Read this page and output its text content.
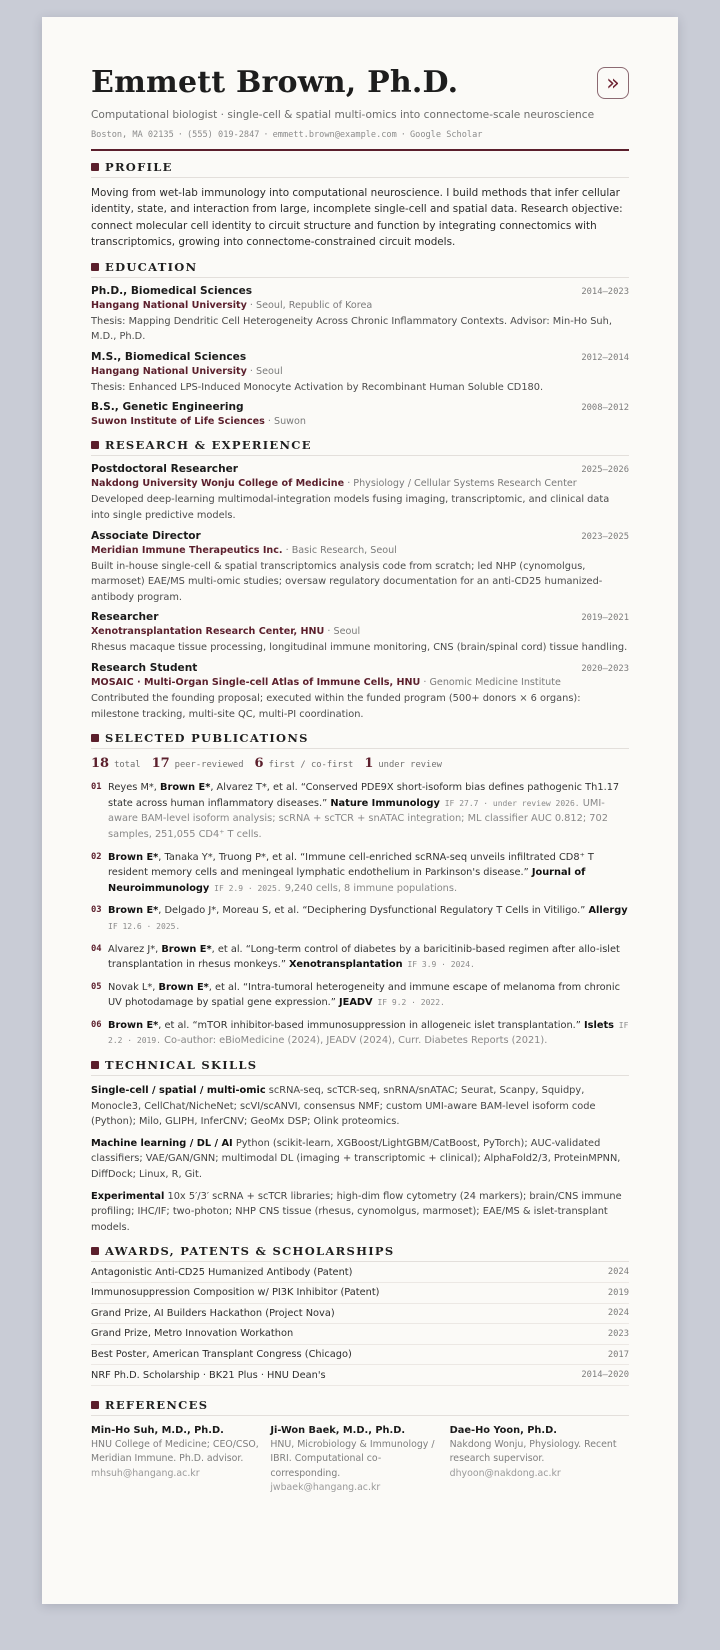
Emmett Brown, Ph.D.
Computational biologist · single-cell & spatial multi-omics into connectome-scale neuroscience
Boston, MA 02135 · (555) 019-2847 · emmett.brown@example.com · Google Scholar
»
PROFILE
Moving from wet-lab immunology into computational neuroscience. I build methods that infer cellular identity, state, and interaction from large, incomplete single-cell and spatial data. Research objective: connect molecular cell identity to circuit structure and function by integrating connectomics with transcriptomics, growing into connectome-constrained circuit models.
EDUCATION
Ph.D., Biomedical Sciences	2014–2023
Hangang National University · Seoul, Republic of Korea
Thesis: Mapping Dendritic Cell Heterogeneity Across Chronic Inflammatory Contexts. Advisor: Min-Ho Suh, M.D., Ph.D.
M.S., Biomedical Sciences	2012–2014
Hangang National University · Seoul
Thesis: Enhanced LPS-Induced Monocyte Activation by Recombinant Human Soluble CD180.
B.S., Genetic Engineering	2008–2012
Suwon Institute of Life Sciences · Suwon
RESEARCH & EXPERIENCE
Postdoctoral Researcher	2025–2026
Nakdong University Wonju College of Medicine · Physiology / Cellular Systems Research Center
Developed deep-learning multimodal-integration models fusing imaging, transcriptomic, and clinical data into single predictive models.
Associate Director	2023–2025
Meridian Immune Therapeutics Inc. · Basic Research, Seoul
Built in-house single-cell & spatial transcriptomics analysis code from scratch; led NHP (cynomolgus, marmoset) EAE/MS multi-omic studies; oversaw regulatory documentation for an anti-CD25 humanized-antibody program.
Researcher	2019–2021
Xenotransplantation Research Center, HNU · Seoul
Rhesus macaque tissue processing, longitudinal immune monitoring, CNS (brain/spinal cord) tissue handling.
Research Student	2020–2023
MOSAIC · Multi-Organ Single-cell Atlas of Immune Cells, HNU · Genomic Medicine Institute
Contributed the founding proposal; executed within the funded program (500+ donors × 6 organs): milestone tracking, multi-site QC, multi-PI coordination.
SELECTED PUBLICATIONS
18 total 17 peer-reviewed 6 first / co-first 1 under review
01 Reyes M*, Brown E*, Alvarez T*, et al. “Conserved PDE9X short-isoform bias defines pathogenic Th1.17 state across human inflammatory diseases.” Nature Immunology IF 27.7 · under review 2026. UMI-aware BAM-level isoform analysis; scRNA + scTCR + snATAC integration; ML classifier AUC 0.812; 702 samples, 251,055 CD4⁺ T cells.
02 Brown E*, Tanaka Y*, Truong P*, et al. “Immune cell-enriched scRNA-seq unveils infiltrated CD8⁺ T resident memory cells and meningeal lymphatic endothelium in Parkinson's disease.” Journal of Neuroimmunology IF 2.9 · 2025. 9,240 cells, 8 immune populations.
03 Brown E*, Delgado J*, Moreau S, et al. “Deciphering Dysfunctional Regulatory T Cells in Vitiligo.” Allergy IF 12.6 · 2025.
04 Alvarez J*, Brown E*, et al. “Long-term control of diabetes by a baricitinib-based regimen after allo-islet transplantation in rhesus monkeys.” Xenotransplantation IF 3.9 · 2024.
05 Novak L*, Brown E*, et al. “Intra-tumoral heterogeneity and immune escape of melanoma from chronic UV photodamage by spatial gene expression.” JEADV IF 9.2 · 2022.
06 Brown E*, et al. “mTOR inhibitor-based immunosuppression in allogeneic islet transplantation.” Islets IF 2.2 · 2019. Co-author: eBioMedicine (2024), JEADV (2024), Curr. Diabetes Reports (2021).
TECHNICAL SKILLS
Single-cell / spatial / multi-omic scRNA-seq, scTCR-seq, snRNA/snATAC; Seurat, Scanpy, Squidpy, Monocle3, CellChat/NicheNet; scVI/scANVI, consensus NMF; custom UMI-aware BAM-level isoform code (Python); Milo, GLIPH, InferCNV; GeoMx DSP; Olink proteomics.
Machine learning / DL / AI Python (scikit-learn, XGBoost/LightGBM/CatBoost, PyTorch); AUC-validated classifiers; VAE/GAN/GNN; multimodal DL (imaging + transcriptomic + clinical); AlphaFold2/3, ProteinMPNN, DiffDock; Linux, R, Git.
Experimental 10x 5′/3′ scRNA + scTCR libraries; high-dim flow cytometry (24 markers); brain/CNS immune profiling; IHC/IF; two-photon; NHP CNS tissue (rhesus, cynomolgus, marmoset); EAE/MS & islet-transplant models.
AWARDS, PATENTS & SCHOLARSHIPS
Antagonistic Anti-CD25 Humanized Antibody (Patent)	2024
Immunosuppression Composition w/ PI3K Inhibitor (Patent)	2019
Grand Prize, AI Builders Hackathon (Project Nova)	2024
Grand Prize, Metro Innovation Workathon	2023
Best Poster, American Transplant Congress (Chicago)	2017
NRF Ph.D. Scholarship · BK21 Plus · HNU Dean's	2014–2020
REFERENCES
Min-Ho Suh, M.D., Ph.D.
HNU College of Medicine; CEO/CSO, Meridian Immune. Ph.D. advisor.
mhsuh@hangang.ac.kr
Ji-Won Baek, M.D., Ph.D.
HNU, Microbiology & Immunology / IBRI. Computational co-corresponding.
jwbaek@hangang.ac.kr
Dae-Ho Yoon, Ph.D.
Nakdong Wonju, Physiology. Recent research supervisor.
dhyoon@nakdong.ac.kr
